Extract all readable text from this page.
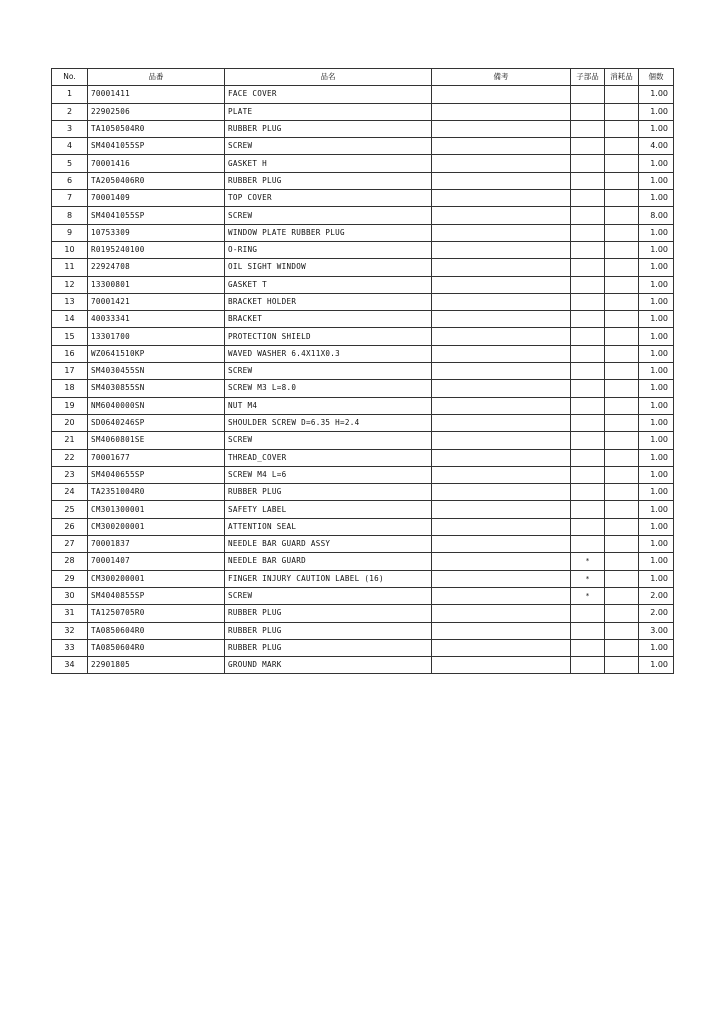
No.	品番	品名	備考	子部品	消耗品	個数
1	70001411	FACE COVER				1.00
2	22902506	PLATE				1.00
3	TA1050504R0	RUBBER PLUG				1.00
4	SM4041055SP	SCREW				4.00
5	70001416	GASKET H				1.00
6	TA2050406R0	RUBBER PLUG				1.00
7	70001409	TOP COVER				1.00
8	SM4041055SP	SCREW				8.00
9	10753309	WINDOW PLATE RUBBER PLUG				1.00
10	R0195240100	O-RING				1.00
11	22924708	OIL SIGHT WINDOW				1.00
12	13300801	GASKET T				1.00
13	70001421	BRACKET HOLDER				1.00
14	40033341	BRACKET				1.00
15	13301700	PROTECTION SHIELD				1.00
16	WZ0641510KP	WAVED WASHER 6.4X11X0.3				1.00
17	SM4030455SN	SCREW				1.00
18	SM4030855SN	SCREW M3 L=8.0				1.00
19	NM6040000SN	NUT M4				1.00
20	SD0640246SP	SHOULDER SCREW D=6.35 H=2.4				1.00
21	SM4060801SE	SCREW				1.00
22	70001677	THREAD_COVER				1.00
23	SM4040655SP	SCREW M4 L=6				1.00
24	TA2351004R0	RUBBER PLUG				1.00
25	CM301300001	SAFETY LABEL				1.00
26	CM300200001	ATTENTION SEAL				1.00
27	70001837	NEEDLE BAR GUARD ASSY				1.00
28	70001407	NEEDLE BAR GUARD		*		1.00
29	CM300200001	FINGER INJURY CAUTION LABEL (16)		*		1.00
30	SM4040855SP	SCREW		*		2.00
31	TA1250705R0	RUBBER PLUG				2.00
32	TA0850604R0	RUBBER PLUG				3.00
33	TA0850604R0	RUBBER PLUG				1.00
34	22901805	GROUND MARK				1.00
